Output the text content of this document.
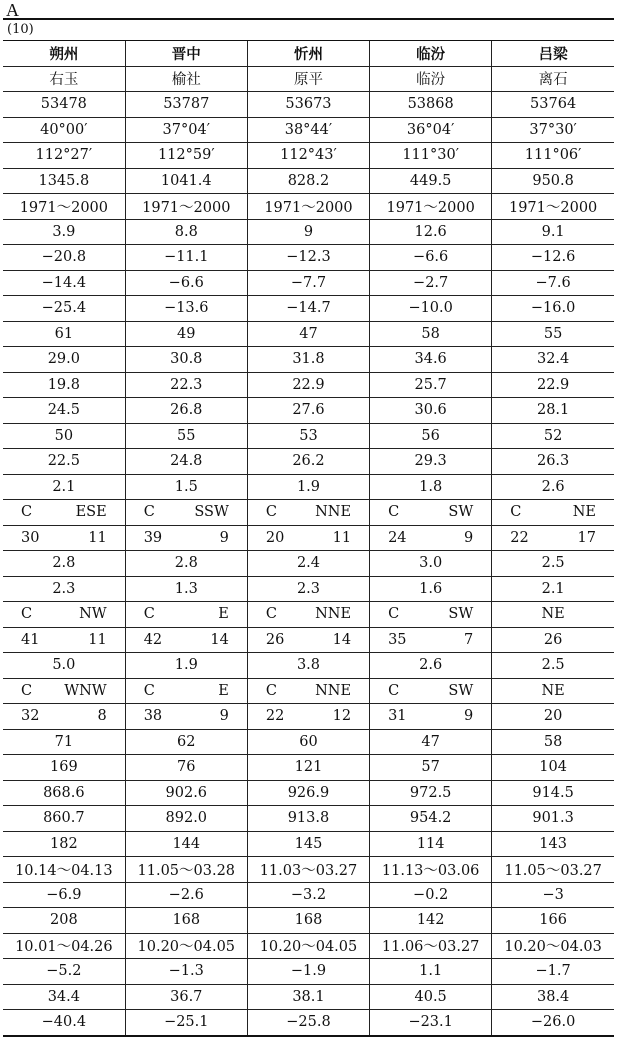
A
(10)
朔州	晋中	忻州	临汾	吕梁
右玉	榆社	原平	临汾	离石
53478	53787	53673	53868	53764
40°00′	37°04′	38°44′	36°04′	37°30′
112°27′	112°59′	112°43′	111°30′	111°06′
1345.8	1041.4	828.2	449.5	950.8
1971～2000	1971～2000	1971～2000	1971～2000	1971～2000
3.9	8.8	9	12.6	9.1
−20.8	−11.1	−12.3	−6.6	−12.6
−14.4	−6.6	−7.7	−2.7	−7.6
−25.4	−13.6	−14.7	−10.0	−16.0
61	49	47	58	55
29.0	30.8	31.8	34.6	32.4
19.8	22.3	22.9	25.7	22.9
24.5	26.8	27.6	30.6	28.1
50	55	53	56	52
22.5	24.8	26.2	29.3	26.3
2.1	1.5	1.9	1.8	2.6

C ESE	C SSW	C NNE	C SW	C NE

30 11	39 9	20 11	24 9	22 17

2.8	2.8	2.4	3.0	2.5
2.3	1.3	2.3	1.6	2.1

C NW	C E	C NNE	C SW	NE

41 11	42 14	26 14	35 7	26
5.0	1.9	3.8	2.6	2.5

C WNW	C E	C NNE	C SW	NE

32 8	38 9	22 12	31 9	20
71	62	60	47	58
169	76	121	57	104
868.6	902.6	926.9	972.5	914.5
860.7	892.0	913.8	954.2	901.3
182	144	145	114	143
10.14～04.13	11.05～03.28	11.03～03.27	11.13～03.06	11.05～03.27
−6.9	−2.6	−3.2	−0.2	−3
208	168	168	142	166
10.01～04.26	10.20～04.05	10.20～04.05	11.06～03.27	10.20～04.03
−5.2	−1.3	−1.9	1.1	−1.7
34.4	36.7	38.1	40.5	38.4
−40.4	−25.1	−25.8	−23.1	−26.0
